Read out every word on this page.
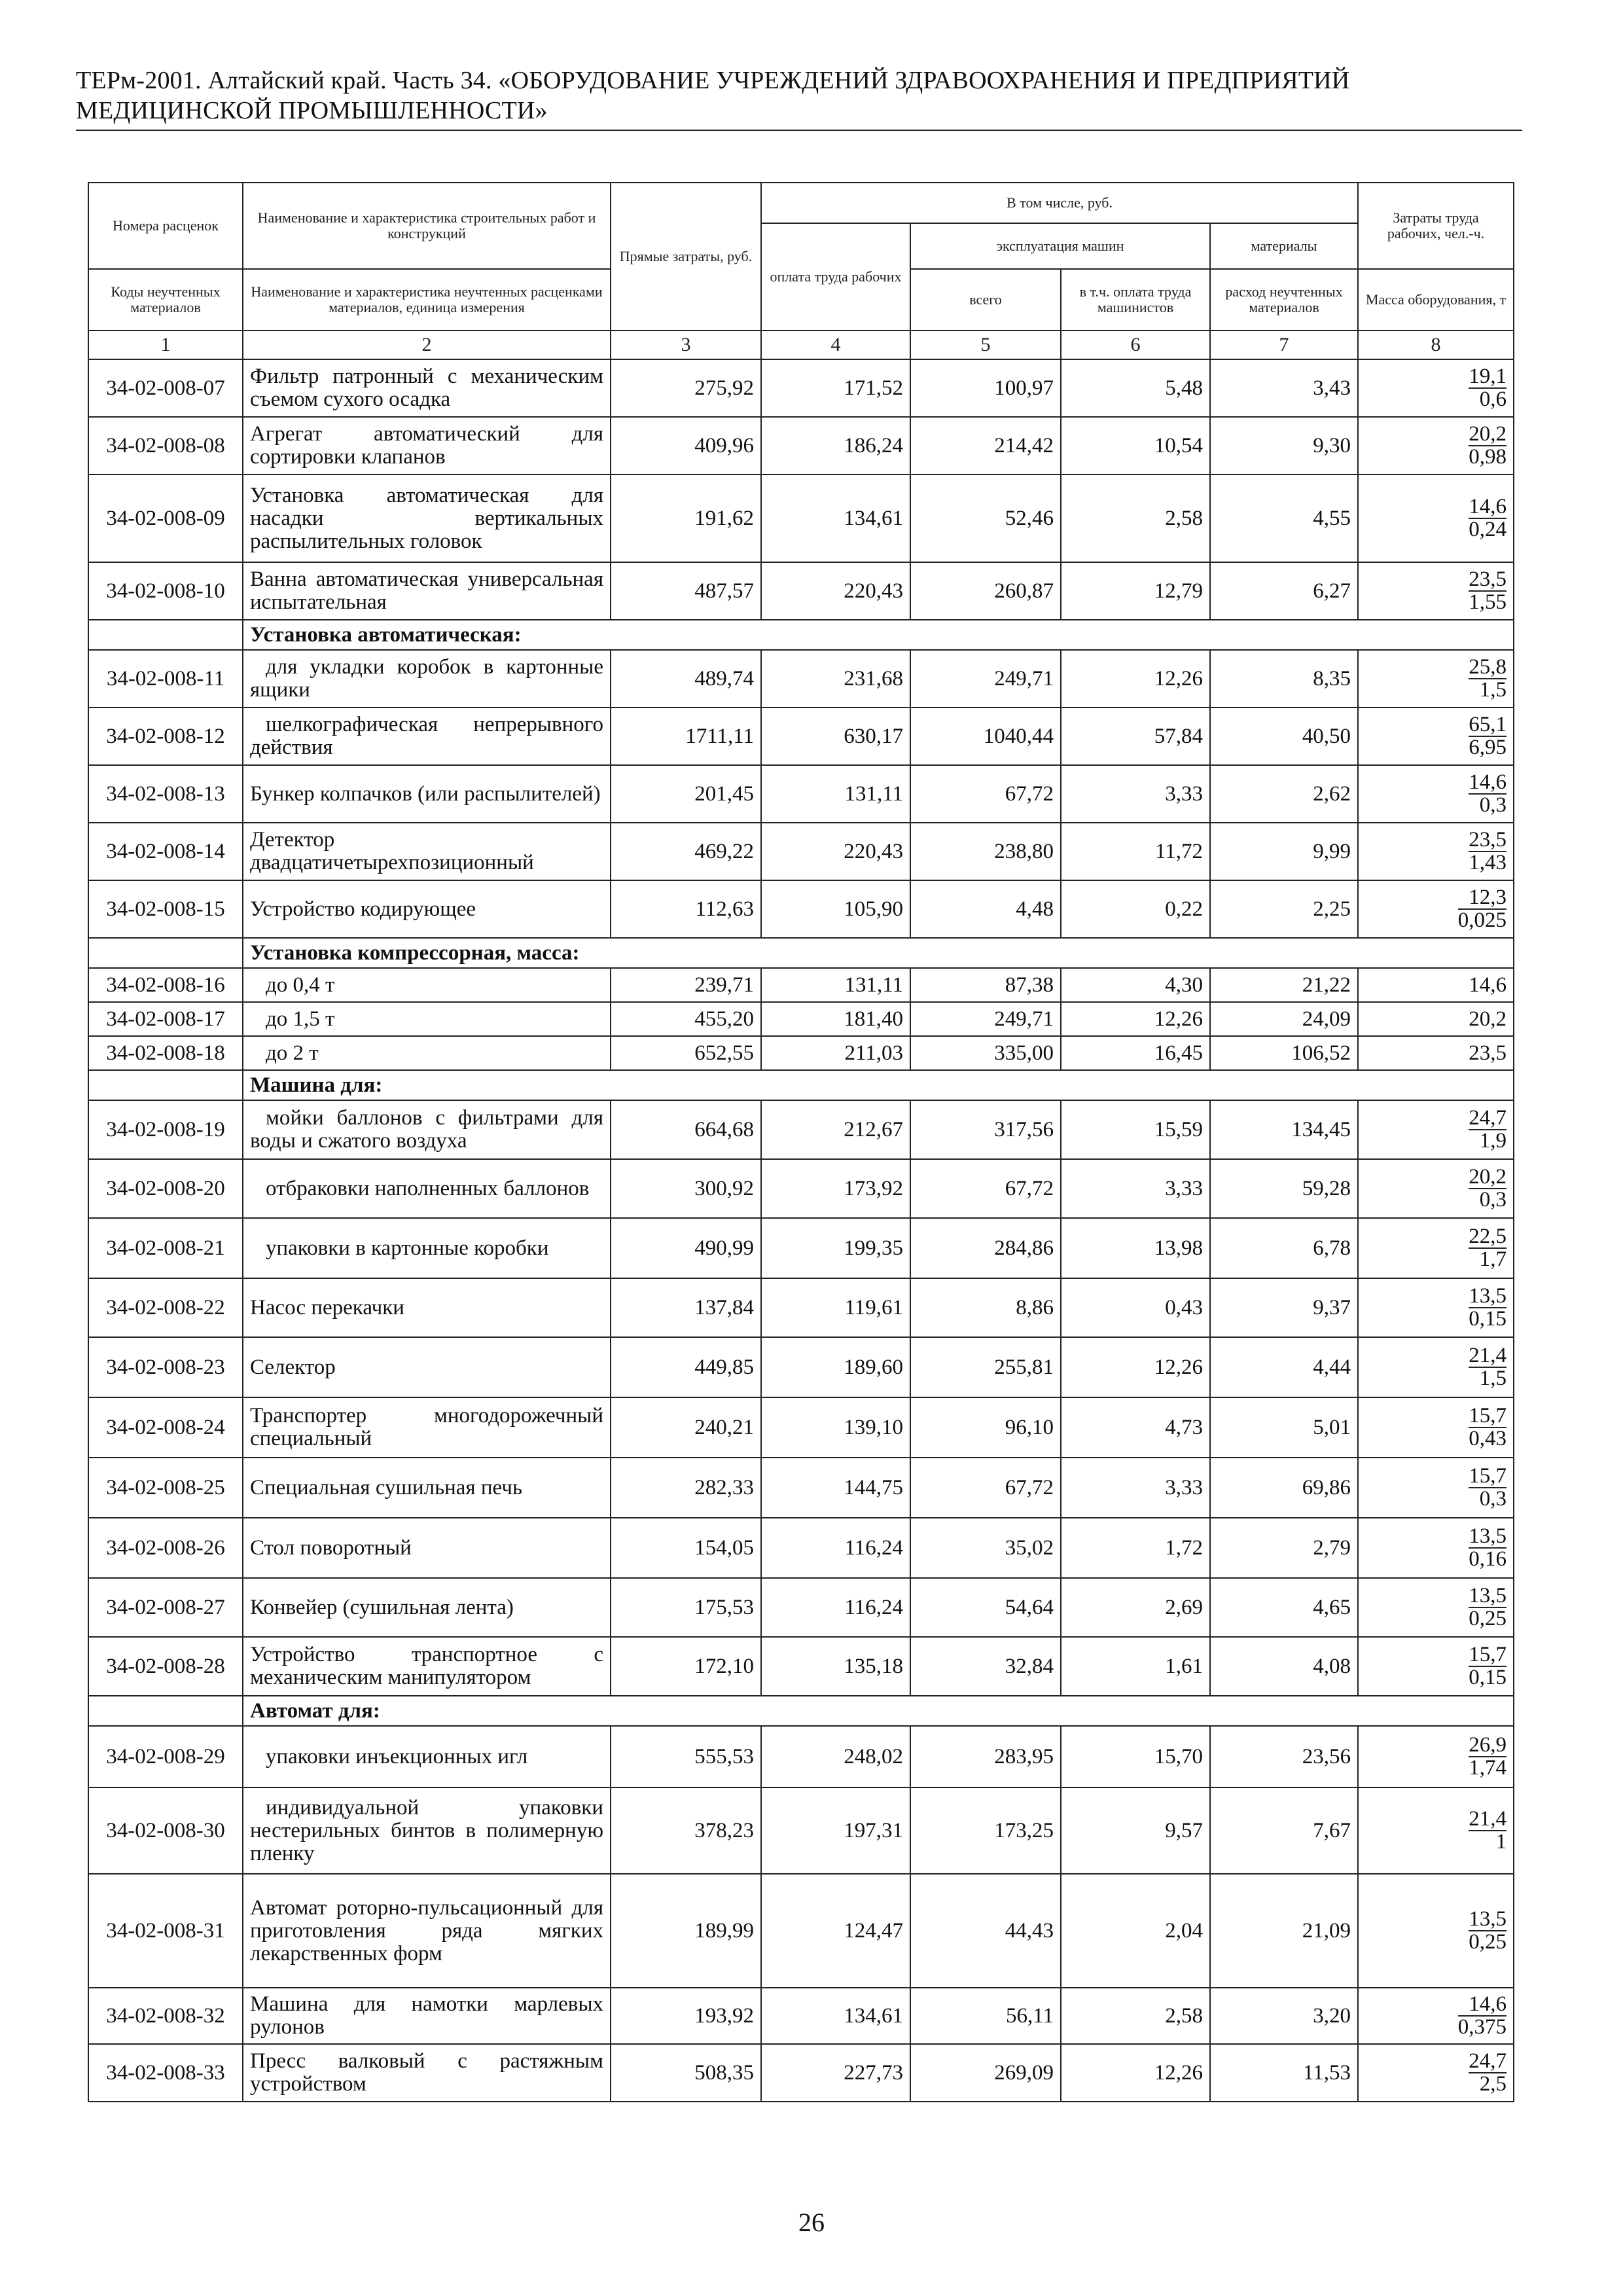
ТЕРм-2001. Алтайский край. Часть 34. «ОБОРУДОВАНИЕ УЧРЕЖДЕНИЙ ЗДРАВООХРАНЕНИЯ И ПРЕДПРИЯТИЙ
МЕДИЦИНСКОЙ ПРОМЫШЛЕННОСТИ»
Номера расценок	Наименование и характеристика строительных работ и конструкций	Прямые затраты, руб.	В том числе, руб.				Затраты труда рабочих, чел.-ч.
			оплата труда рабочих	эксплуатация машин		материалы	
Коды неучтенных материалов	Наименование и характеристика неучтенных расценками материалов, единица измерения			всего	в т.ч. оплата труда машинистов	расход неучтенных материалов	Масса оборудования, т
1	2	3	4	5	6	7	8
34-02-008-07	Фильтр патронный с механическим съемом сухого осадка	275,92	171,52	100,97	5,48	3,43	$\frac{19,1}{0,6}$

34-02-008-08	Агрегат автоматический для сортировки клапанов	409,96	186,24	214,42	10,54	9,30	$\frac{20,2}{0,98}$

34-02-008-09	Установка автоматическая для насадки вертикальных распылительных головок	191,62	134,61	52,46	2,58	4,55	$\frac{14,6}{0,24}$

34-02-008-10	Ванна автоматическая универсальная испытательная	487,57	220,43	260,87	12,79	6,27	$\frac{23,5}{1,55}$

	Установка автоматическая:						
34-02-008-11	для укладки коробок в картонные ящики	489,74	231,68	249,71	12,26	8,35	$\frac{25,8}{1,5}$

34-02-008-12	шелкографическая непрерывного действия	1711,11	630,17	1040,44	57,84	40,50	$\frac{65,1}{6,95}$

34-02-008-13	Бункер колпачков (или распылителей)	201,45	131,11	67,72	3,33	2,62	$\frac{14,6}{0,3}$

34-02-008-14	Детектор двадцатичетырехпозиционный	469,22	220,43	238,80	11,72	9,99	$\frac{23,5}{1,43}$

34-02-008-15	Устройство кодирующее	112,63	105,90	4,48	0,22	2,25	$\frac{12,3}{0,025}$

	Установка компрессорная, масса:						
34-02-008-16	до 0,4 т	239,71	131,11	87,38	4,30	21,22	14,6
34-02-008-17	до 1,5 т	455,20	181,40	249,71	12,26	24,09	20,2
34-02-008-18	до 2 т	652,55	211,03	335,00	16,45	106,52	23,5
	Машина для:						
34-02-008-19	мойки баллонов с фильтрами для воды и сжатого воздуха	664,68	212,67	317,56	15,59	134,45	$\frac{24,7}{1,9}$

34-02-008-20	отбраковки наполненных баллонов	300,92	173,92	67,72	3,33	59,28	$\frac{20,2}{0,3}$

34-02-008-21	упаковки в картонные коробки	490,99	199,35	284,86	13,98	6,78	$\frac{22,5}{1,7}$

34-02-008-22	Насос перекачки	137,84	119,61	8,86	0,43	9,37	$\frac{13,5}{0,15}$

34-02-008-23	Селектор	449,85	189,60	255,81	12,26	4,44	$\frac{21,4}{1,5}$

34-02-008-24	Транспортер многодорожечный специальный	240,21	139,10	96,10	4,73	5,01	$\frac{15,7}{0,43}$

34-02-008-25	Специальная сушильная печь	282,33	144,75	67,72	3,33	69,86	$\frac{15,7}{0,3}$

34-02-008-26	Стол поворотный	154,05	116,24	35,02	1,72	2,79	$\frac{13,5}{0,16}$

34-02-008-27	Конвейер (сушильная лента)	175,53	116,24	54,64	2,69	4,65	$\frac{13,5}{0,25}$

34-02-008-28	Устройство транспортное с механическим манипулятором	172,10	135,18	32,84	1,61	4,08	$\frac{15,7}{0,15}$

	Автомат для:						
34-02-008-29	упаковки инъекционных игл	555,53	248,02	283,95	15,70	23,56	$\frac{26,9}{1,74}$

34-02-008-30	индивидуальной упаковки нестерильных бинтов в полимерную пленку	378,23	197,31	173,25	9,57	7,67	$\frac{21,4}{1}$

34-02-008-31	Автомат роторно-пульсационный для приготовления ряда мягких лекарственных форм	189,99	124,47	44,43	2,04	21,09	$\frac{13,5}{0,25}$

34-02-008-32	Машина для намотки марлевых рулонов	193,92	134,61	56,11	2,58	3,20	$\frac{14,6}{0,375}$

34-02-008-33	Пресс валковый с растяжным устройством	508,35	227,73	269,09	12,26	11,53	$\frac{24,7}{2,5}$
26
